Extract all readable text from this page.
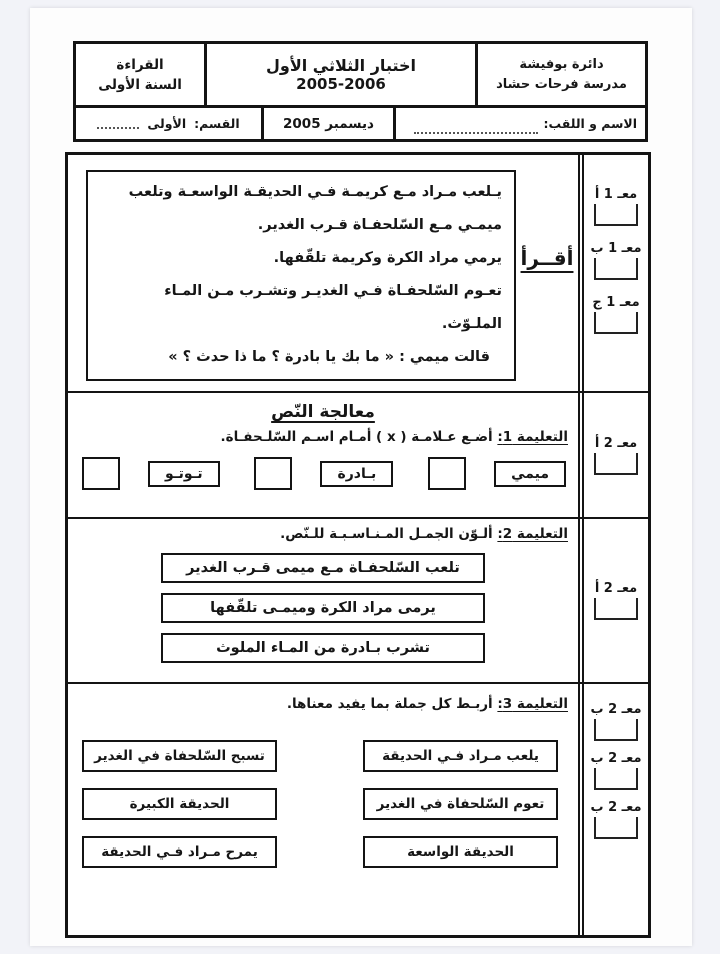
دائرة بوفيشة
مدرسة فرحات حشاد
اختبار الثلاثي الأول
2005-2006
القراءة
السنة الأولى
الاسم و اللقب:
ديسمبر 2005
القسم:
الأولى
معـ 1 أ
معـ 1 ب
معـ 1 ج
أقــرأ
يـلعب مـراد مـع كريمـة فـي الحديقـة الواسعـة وتلعب
ميمـي مـع السّلحفـاة قـرب الغدير.
يرمي مراد الكرة وكريمة تلقّفها.
تعـوم السّلحفـاة فـي الغديـر وتشـرب مـن المـاء
الملـوّث.
قالت ميمي : « ما بك يا بادرة ؟ ما ذا حدث ؟ »
معـ 2 أ
معالجة النّص
التعليمة 1: أضـع عـلامـة ( x ) أمـام اسـم السّلـحفـاة.
ميمي
بـادرة
تـوتـو
معـ 2 أ
التعليمة 2: ألـوّن الجمـل المـنـاسـبـة للـنّص.
تلعب السّلحفـاة مـع ميمى قـرب الغدير
يرمى مراد الكرة وميمـى تلقّفها
تشرب بـادرة من المـاء الملوث
معـ 2 ب
معـ 2 ب
معـ 2 ب
التعليمة 3: أربـط كل جملة بما يفيد معناها.
يلعب مـراد فـي الحديقة
تعوم السّلحفاة في الغدير
الحديقة الواسعة
تسبح السّلحفاة في الغدير
الحديقة الكبيرة
يمرح مـراد فـي الحديقة
